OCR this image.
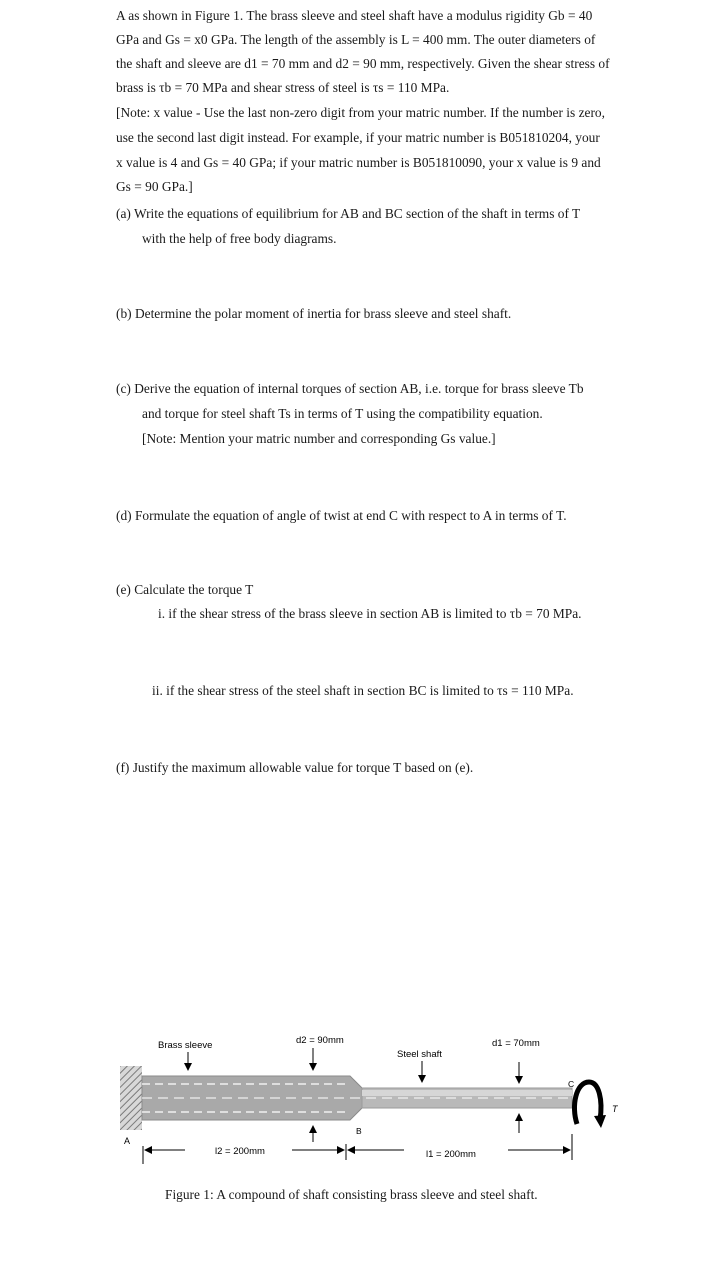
A as shown in Figure 1. The brass sleeve and steel shaft have a modulus rigidity Gb = 40
GPa and Gs = x0 GPa. The length of the assembly is L = 400 mm. The outer diameters of
the shaft and sleeve are d1 = 70 mm and d2 = 90 mm, respectively. Given the shear stress of
brass is τb = 70 MPa and shear stress of steel is τs = 110 MPa.
[Note: x value - Use the last non-zero digit from your matric number. If the number is zero,
use the second last digit instead. For example, if your matric number is B051810204, your
x value is 4 and Gs = 40 GPa; if your matric number is B051810090, your x value is 9 and
Gs = 90 GPa.]
(a) Write the equations of equilibrium for AB and BC section of the shaft in terms of T
with the help of free body diagrams.
(b) Determine the polar moment of inertia for brass sleeve and steel shaft.
(c) Derive the equation of internal torques of section AB, i.e. torque for brass sleeve Tb
and torque for steel shaft Ts in terms of T using the compatibility equation.
[Note: Mention your matric number and corresponding Gs value.]
(d) Formulate the equation of angle of twist at end C with respect to A in terms of T.
(e) Calculate the torque T
i. if the shear stress of the brass sleeve in section AB is limited to τb = 70 MPa.
ii. if the shear stress of the steel shaft in section BC is limited to τs = 110 MPa.
(f) Justify the maximum allowable value for torque T based on (e).
Brass sleeve	d2 = 90mm
Steel shaft
d1 = 70mm
A
B
C
T
l2 = 200mm	l1 = 200mm
Figure 1: A compound of shaft consisting brass sleeve and steel shaft.
